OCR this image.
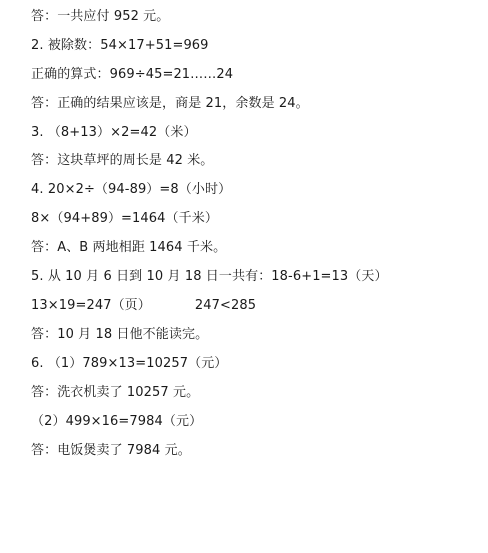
答：一共应付 952 元。
2. 被除数：54×17+51=969
正确的算式：969÷45=21……24
答：正确的结果应该是，商是 21，余数是 24。
3. （8+13）×2=42（米）
答：这块草坪的周长是 42 米。
4. 20×2÷（94-89）=8（小时）
8×（94+89）=1464（千米）
答：A、B 两地相距 1464 千米。
5. 从 10 月 6 日到 10 月 18 日一共有：18-6+1=13（天）
13×19=247（页）	247<285
答：10 月 18 日他不能读完。
6. （1）789×13=10257（元）
答：洗衣机卖了 10257 元。
（2）499×16=7984（元）
答：电饭煲卖了 7984 元。
